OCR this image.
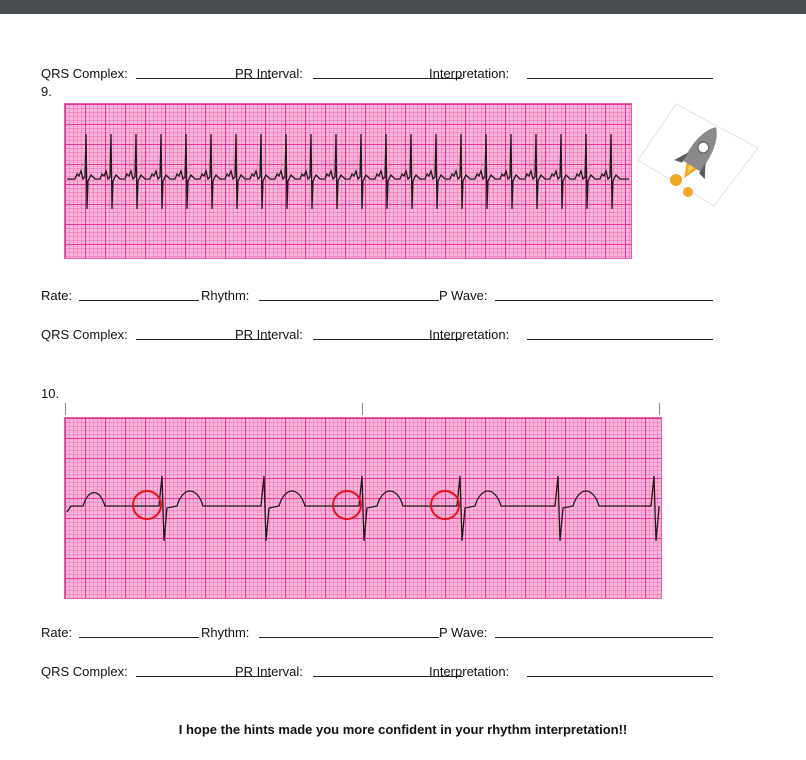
QRS Complex:	PR Interval:	Interpretation:
9.
Rate:	Rhythm:	P Wave:
QRS Complex:	PR Interval:	Interpretation:
10.
Rate:	Rhythm:	P Wave:
QRS Complex:	PR Interval:	Interpretation:
I hope the hints made you more confident in your rhythm interpretation!!
